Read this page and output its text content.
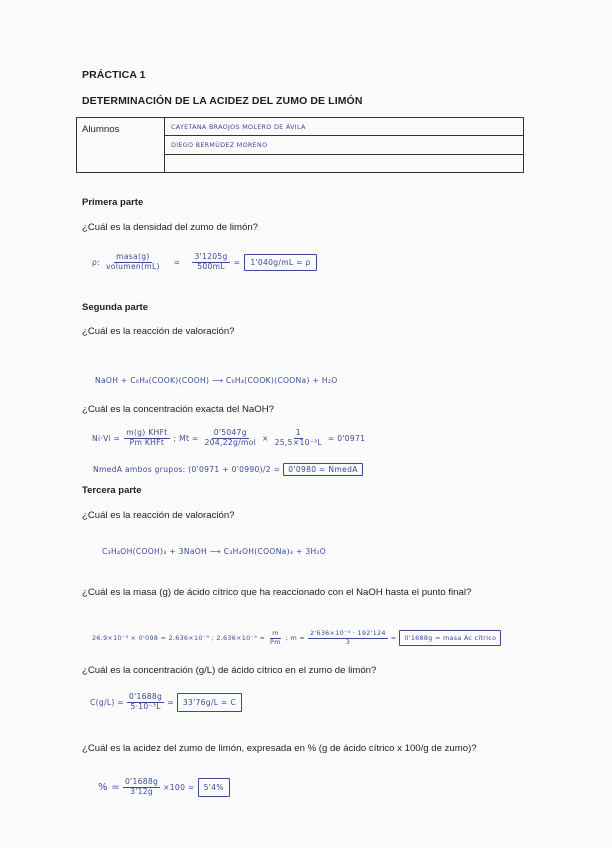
PRÁCTICA 1
DETERMINACIÓN DE LA ACIDEZ DEL ZUMO DE LIMÓN
Alumnos	CAYETANA BRAOJOS MOLERO DE ÁVILA
DIEGO BERMÚDEZ MORENO

Primera parte
¿Cuál es la densidad del zumo de limón?
ρ: $\frac{\text{masa(g)}}{\text{volumen(mL)}} = \frac{3'1205g}{500mL}$ =	1'040g/mL = ρ
Segunda parte
¿Cuál es la reacción de valoración?
NaOH + C₆H₄(COOK)(COOH) ⟶ C₆H₄(COOK)(COONa) + H₂O
¿Cuál es la concentración exacta del NaOH?
$Ni\cdot Vi = \frac{\text{m(g) KHFt}}{\text{Pm KHFt}}$ ; $Mt = \frac{0'5047g}{\text{204,22g/mol}} \times \frac{1}{\text{25,5×10⁻³L}} = 0'0971$
NmedA ambos grupos: (0'0971 + 0'0990)/2 =	0'0980 = NmedA
Tercera parte
¿Cuál es la reacción de valoración?
C₃H₄OH(COOH)₃ + 3NaOH ⟶ C₃H₄OH(COONa)₃ + 3H₂O
¿Cuál es la masa (g) de ácido cítrico que ha reaccionado con el NaOH hasta el punto final?
26,9×10⁻³ × 0'098 = 2,636×10⁻³ ; $2,636\times 10^{-3} = \frac{m}{Pm}$ ; $m = \frac{\text{2'636×10⁻³ · 192'124}}{3}$ =	0'1688g = masa Ac cítrico
¿Cuál es la concentración (g/L) de ácido cítrico en el zumo de limón?
$C(g/L) = \frac{0'1688g}{\text{5·10⁻³L}}$ =	33'76g/L = C
¿Cuál es la acidez del zumo de limón, expresada en % (g de ácido cítrico x 100/g de zumo)?
% = $\frac{0'1688g}{3'12g} \times 100$ =	5'4%
